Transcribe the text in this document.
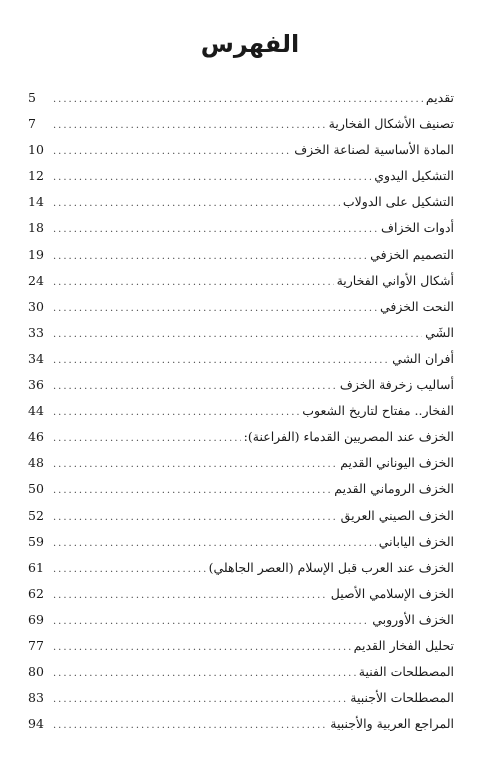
الفهرس
5 .....	تقديم
7 .....	تصنيف الأشكال الفخارية
10 .....	المادة الأساسية لصناعة الخزف
12 .....	التشكيل اليدوي
14 .....	التشكيل على الدولاب
18 .....	أدوات الخزاف
19 .....	التصميم الخزفي
24 .....	أشكال الأواني الفخارية
30 .....	النحت الخزفي
33 .....	الشَي
34 .....	أفران الشي
36 .....	أساليب زخرفة الخزف
44 .....	الفخار.. مفتاح لتاريخ الشعوب
46 .....	الخزف عند المصريين القدماء (الفراعنة):
48 .....	الخزف اليوناني القديم
50 .....	الخزف الروماني القديم
52 .....	الخزف الصيني العريق
59 .....	الخزف الياباني
61 .....	الخزف عند العرب قبل الإسلام (العصر الجاهلي)
62 .....	الخزف الإسلامي الأصيل
69 .....	الخزف الأوروبي
77 .....	تحليل الفخار القديم
80 .....	المصطلحات الفنية
83 .....	المصطلحات الأجنبية
94 .....	المراجع العربية والأجنبية
